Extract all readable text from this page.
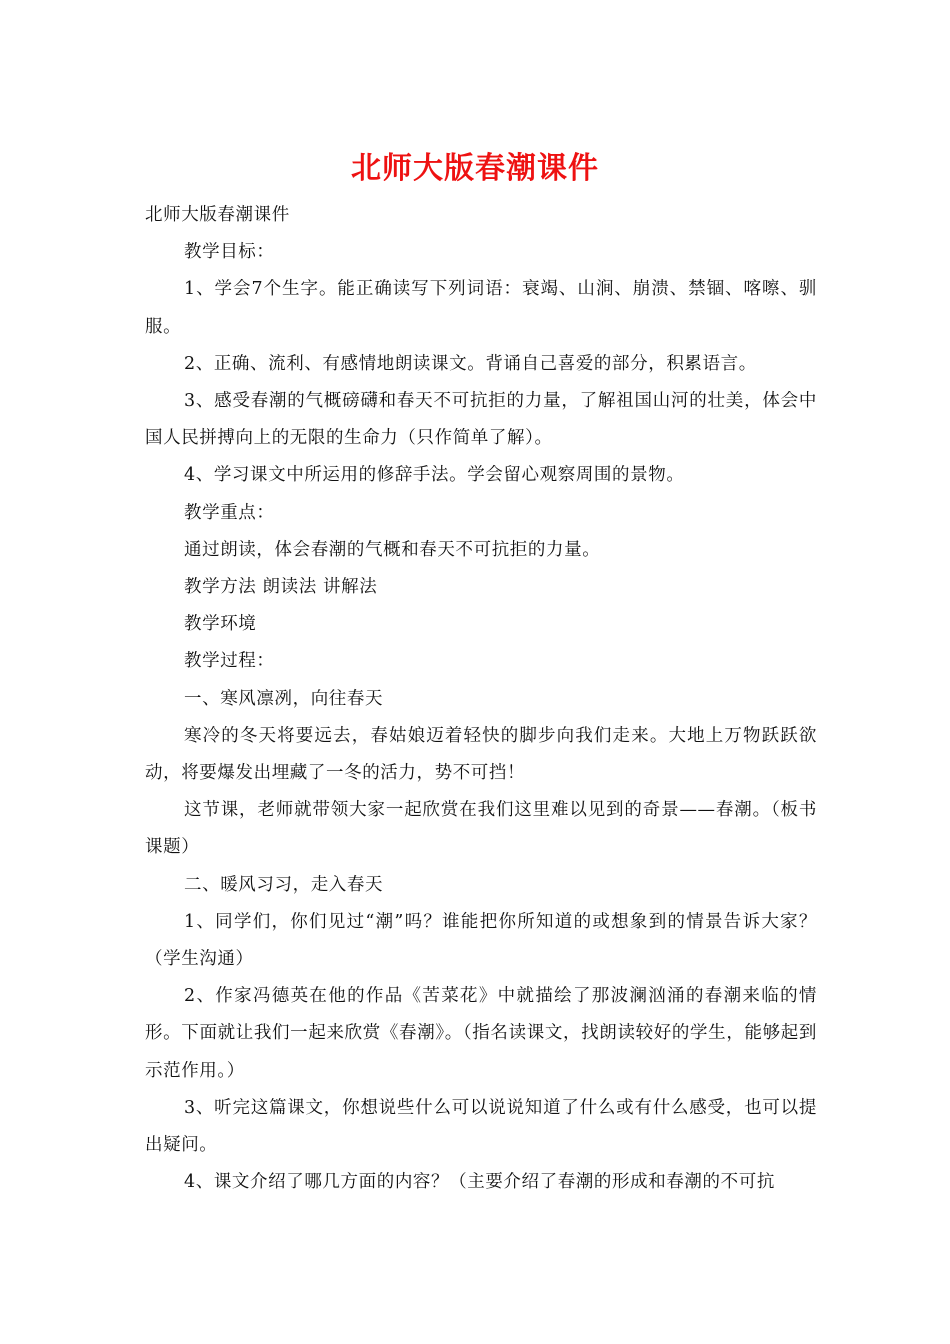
北师大版春潮课件

北师大版春潮课件

教学目标：

1、学会7个生字。能正确读写下列词语：衰竭、山涧、崩溃、禁锢、喀嚓、驯服。

2、正确、流利、有感情地朗读课文。背诵自己喜爱的部分，积累语言。

3、感受春潮的气概磅礴和春天不可抗拒的力量，了解祖国山河的壮美，体会中国人民拼搏向上的无限的生命力（只作简单了解）。

4、学习课文中所运用的修辞手法。学会留心观察周围的景物。

教学重点：

通过朗读，体会春潮的气概和春天不可抗拒的力量。

教学方法 朗读法 讲解法

教学环境

教学过程：

一、寒风凛冽，向往春天

寒冷的冬天将要远去，春姑娘迈着轻快的脚步向我们走来。大地上万物跃跃欲动，将要爆发出埋藏了一冬的活力，势不可挡！

这节课，老师就带领大家一起欣赏在我们这里难以见到的奇景——春潮。（板书课题）

二、暖风习习，走入春天

1、同学们，你们见过“潮”吗？谁能把你所知道的或想象到的情景告诉大家？（学生沟通）

2、作家冯德英在他的作品《苦菜花》中就描绘了那波澜汹涌的春潮来临的情形。下面就让我们一起来欣赏《春潮》。（指名读课文，找朗读较好的学生，能够起到示范作用。）

3、听完这篇课文，你想说些什么可以说说知道了什么或有什么感受，也可以提出疑问。

4、课文介绍了哪几方面的内容？（主要介绍了春潮的形成和春潮的不可抗
